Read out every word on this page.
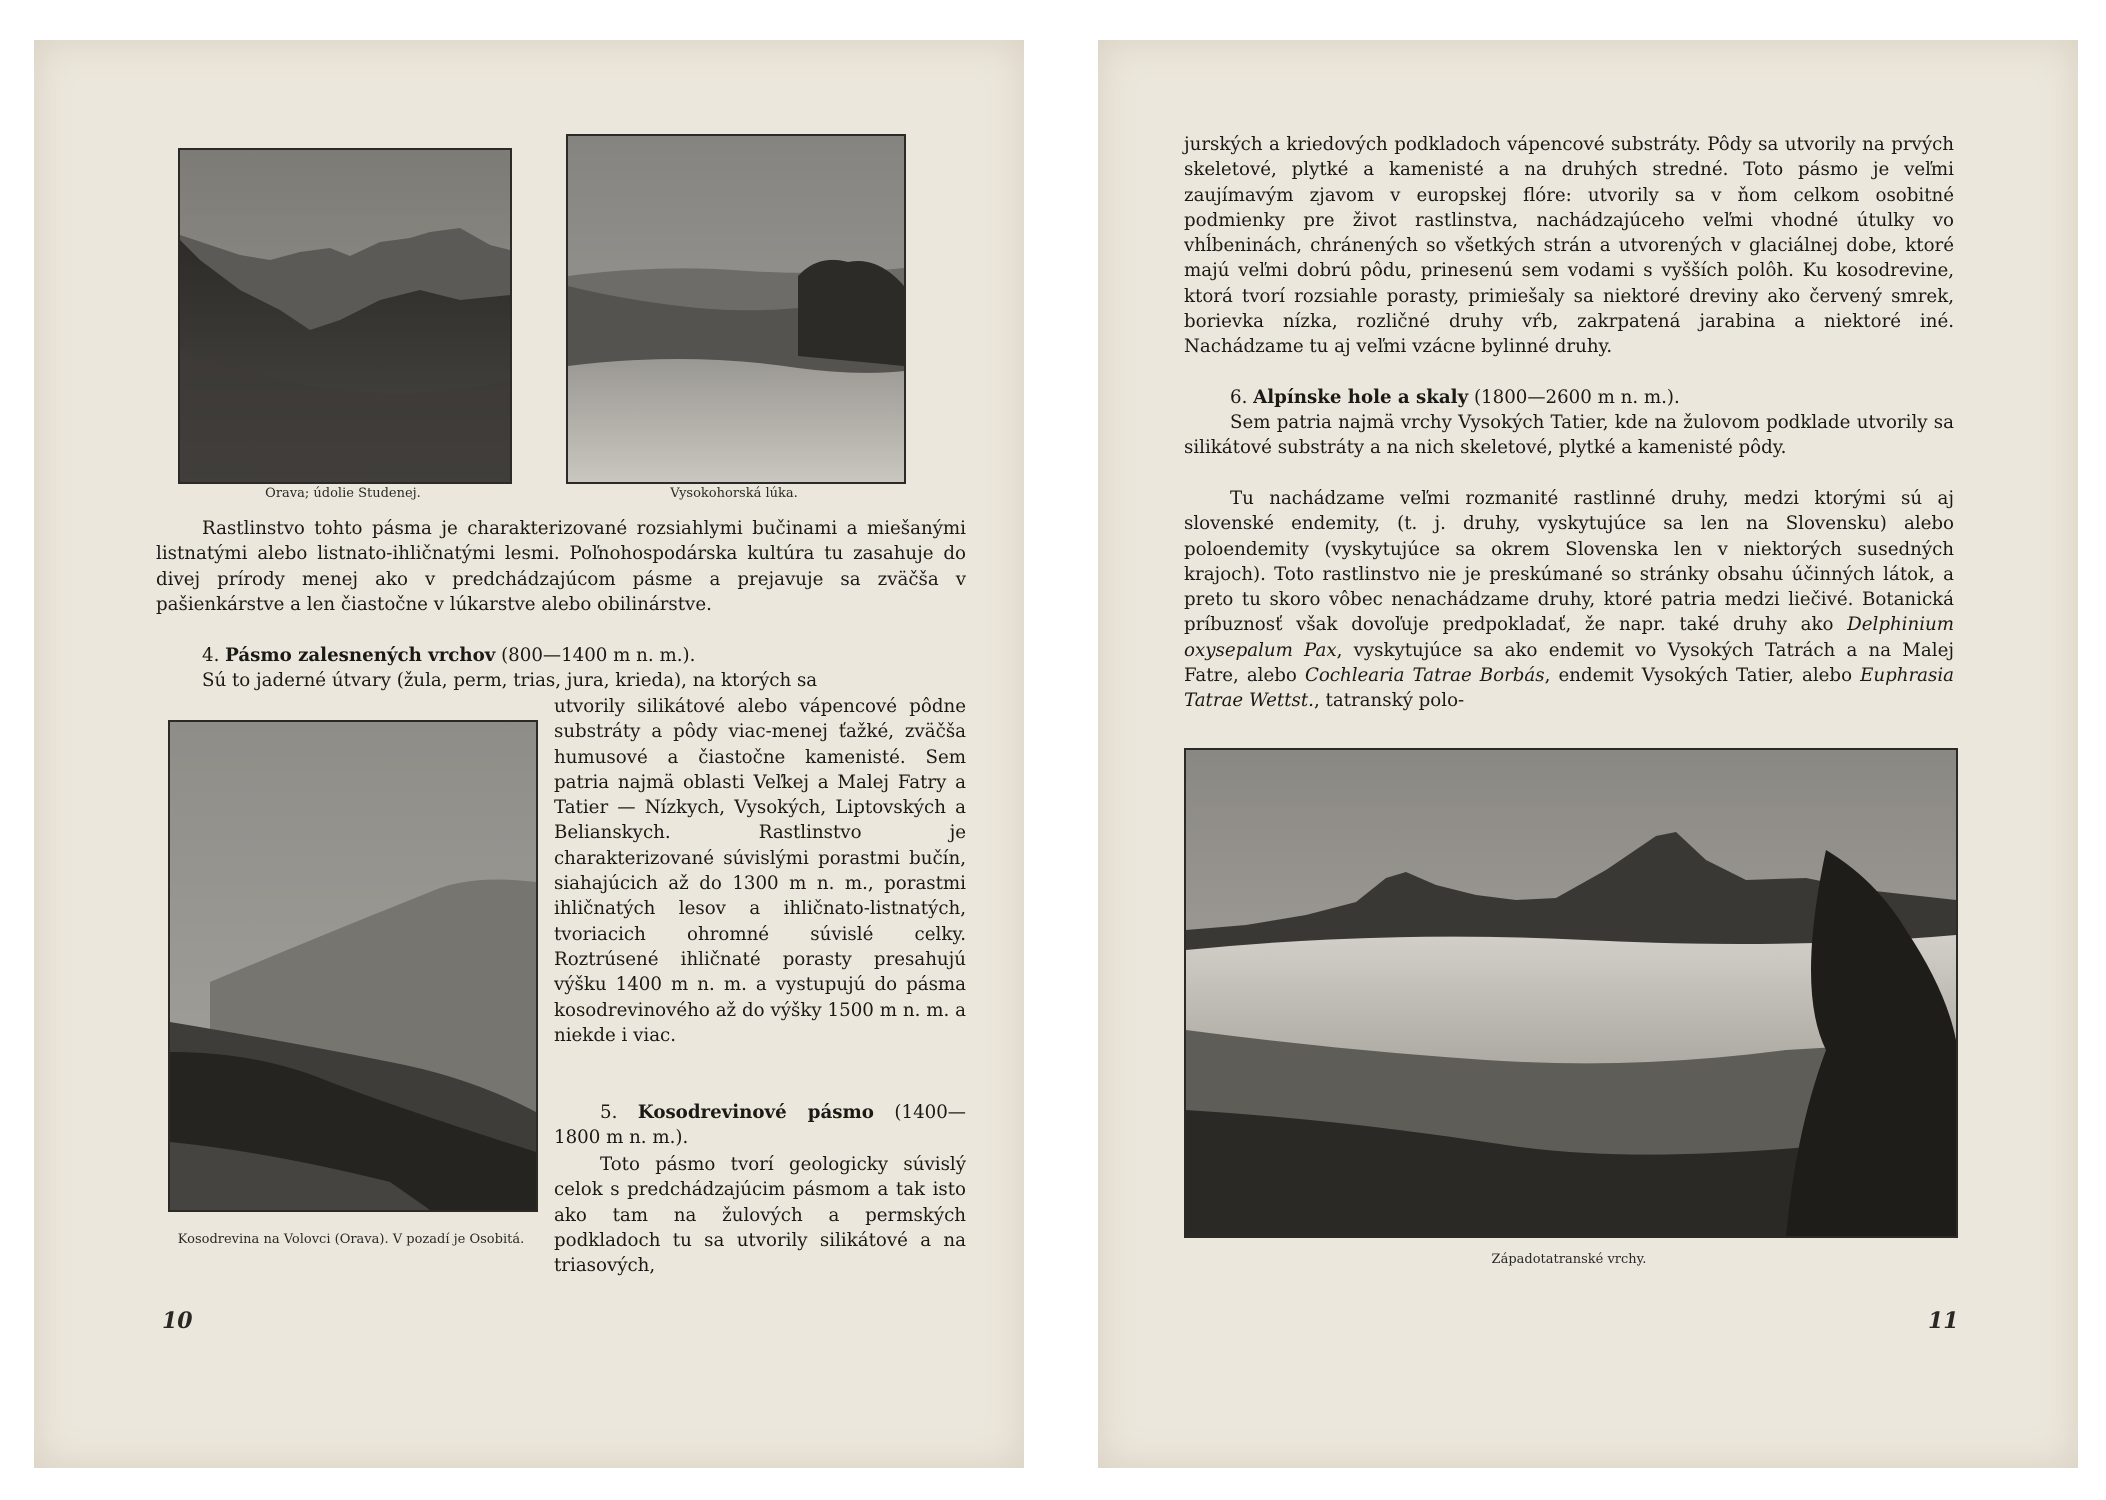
Orava; údolie Studenej.	Vysokohorská lúka.

Rastlinstvo tohto pásma je charakterizované rozsiahlymi bučinami a miešanými listnatými alebo listnato-ihličnatými lesmi. Poľnohospodárska kultúra tu zasahuje do divej prírody menej ako v predchádzajúcom pásme a prejavuje sa zväčša v pašienkárstve a len čiastočne v lúkarstve alebo obilinárstve.

4. Pásmo zalesnených vrchov (800—1400 m n. m.).

Sú to jaderné útvary (žula, perm, trias, jura, krieda), na ktorých sa

utvorily silikátové alebo vápencové pôdne substráty a pôdy viac-menej ťažké, zväčša humusové a čiastočne kamenisté. Sem patria najmä oblasti Veľkej a Malej Fatry a Tatier — Nízkych, Vysokých, Liptovských a Belianskych. Rastlinstvo je charakterizované súvislými porastmi bučín, siahajúcich až do 1300 m n. m., porastmi ihličnatých lesov a ihličnato-listnatých, tvoriacich ohromné súvislé celky. Roztrúsené ihličnaté porasty presahujú výšku 1400 m n. m. a vystupujú do pásma kosodrevinového až do výšky 1500 m n. m. a niekde i viac.

5. Kosodrevinové pásmo (1400—1800 m n. m.).

Toto pásmo tvorí geologicky súvislý celok s predchádzajúcim pásmom a tak isto ako tam na žulových a permských podkladoch tu sa utvorily silikátové a na triasových,

Kosodrevina na Volovci (Orava). V pozadí je Osobitá.
10

jurských a kriedových podkladoch vápencové substráty. Pôdy sa utvorily na prvých skeletové, plytké a kamenisté a na druhých stredné. Toto pásmo je veľmi zaujímavým zjavom v europskej flóre: utvorily sa v ňom celkom osobitné podmienky pre život rastlinstva, nachádzajúceho veľmi vhodné útulky vo vhĺbeninách, chránených so všetkých strán a utvorených v glaciálnej dobe, ktoré majú veľmi dobrú pôdu, prinesenú sem vodami s vyšších polôh. Ku kosodrevine, ktorá tvorí rozsiahle porasty, primiešaly sa niektoré dreviny ako červený smrek, borievka nízka, rozličné druhy vŕb, zakrpatená jarabina a niektoré iné. Nachádzame tu aj veľmi vzácne bylinné druhy.

6. Alpínske hole a skaly (1800—2600 m n. m.).

Sem patria najmä vrchy Vysokých Tatier, kde na žulovom podklade utvorily sa silikátové substráty a na nich skeletové, plytké a kamenisté pôdy.

Tu nachádzame veľmi rozmanité rastlinné druhy, medzi ktorými sú aj slovenské endemity, (t. j. druhy, vyskytujúce sa len na Slovensku) alebo poloendemity (vyskytujúce sa okrem Slovenska len v niektorých susedných krajoch). Toto rastlinstvo nie je preskúmané so stránky obsahu účinných látok, a preto tu skoro vôbec nenachádzame druhy, ktoré patria medzi liečivé. Botanická príbuznosť však dovoľuje predpokladať, že napr. také druhy ako Delphinium oxysepalum Pax, vyskytujúce sa ako endemit vo Vysokých Tatrách a na Malej Fatre, alebo Cochlearia Tatrae Borbás, endemit Vysokých Tatier, alebo Euphrasia Tatrae Wettst., tatranský polo-

Západotatranské vrchy.
11
